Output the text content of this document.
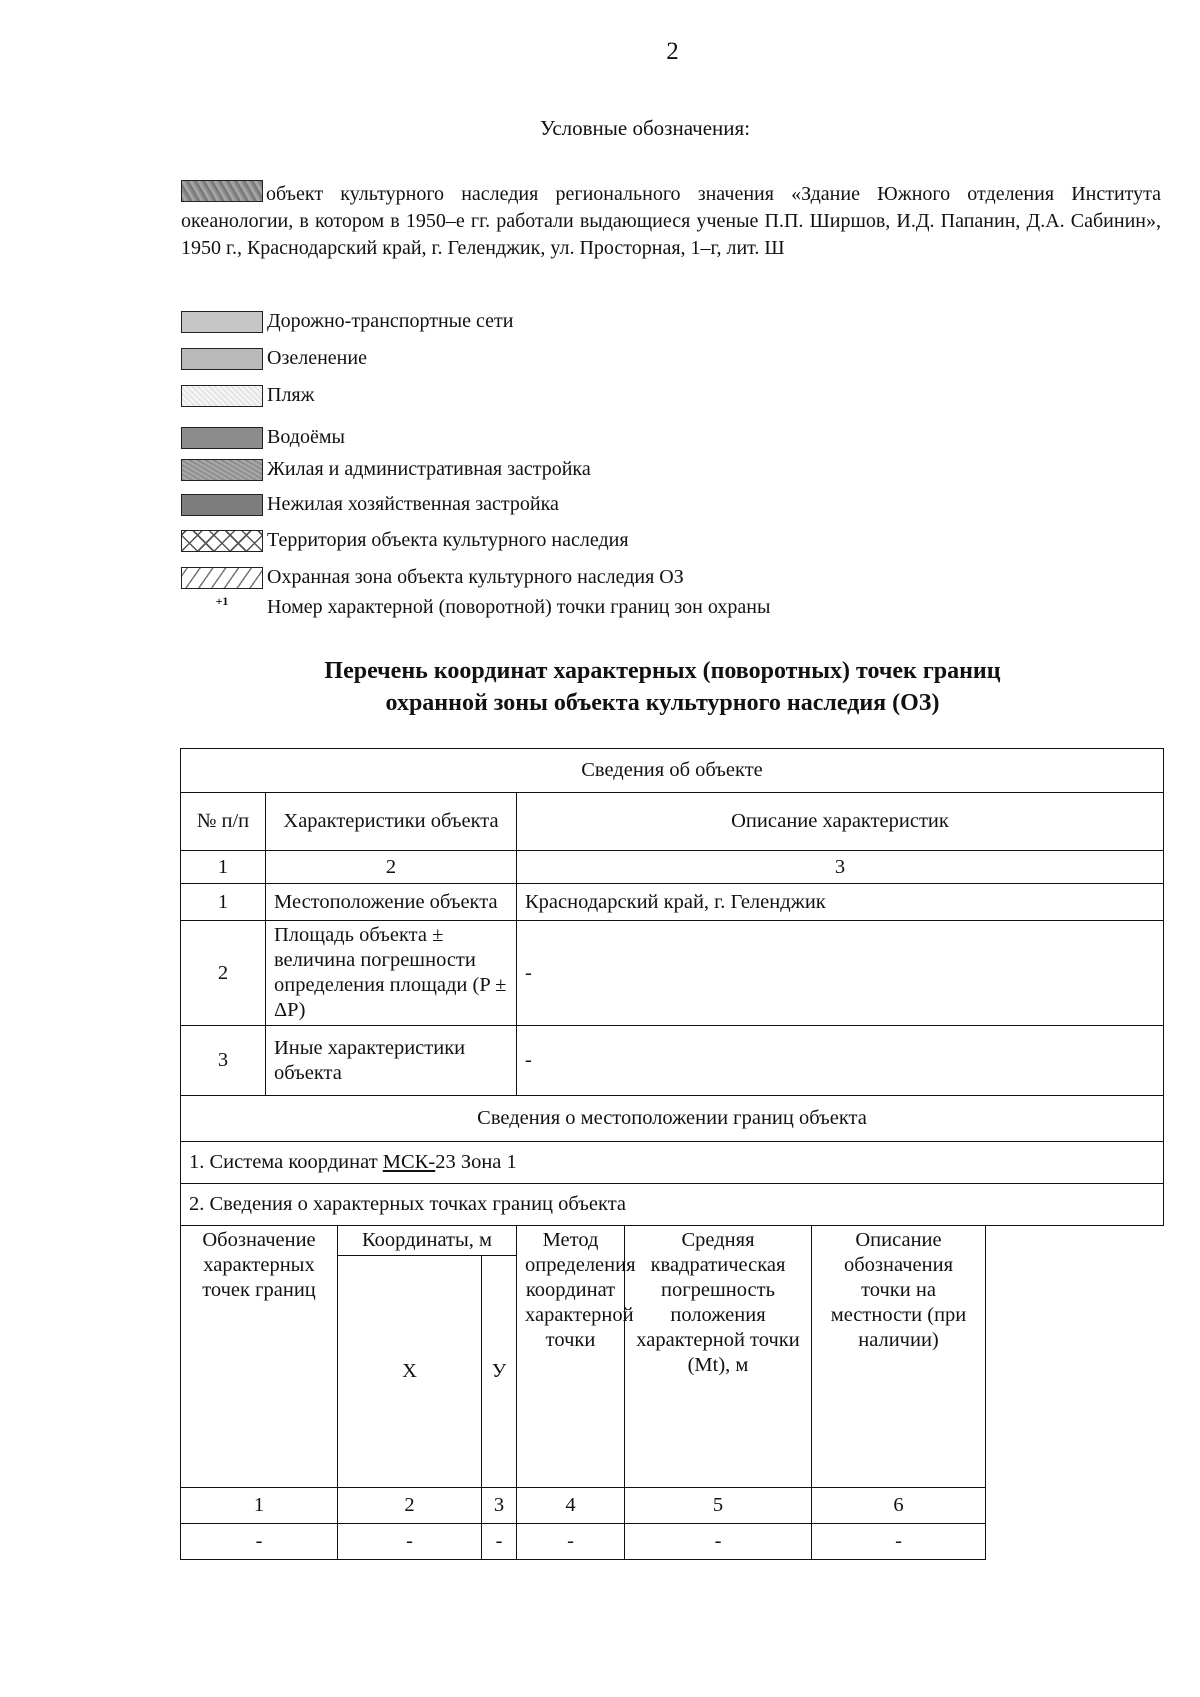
2
Условные обозначения:
объект культурного наследия регионального значения «Здание Южного отделения Института океанологии, в котором в 1950–е гг. работали выдающиеся ученые П.П. Ширшов, И.Д. Папанин, Д.А. Сабинин», 1950 г., Краснодарский край, г. Геленджик, ул. Просторная, 1–г, лит. Ш
Дорожно-транспортные сети
Озеленение
Пляж
Водоёмы
Жилая и административная застройка
Нежилая хозяйственная застройка
Территория объекта культурного наследия
Охранная зона объекта культурного наследия ОЗ
+1	Номер характерной (поворотной) точки границ зон охраны
Перечень координат характерных (поворотных) точек границ
охранной зоны объекта культурного наследия (ОЗ)
Сведения об объекте						
№ п/п	Характеристики объекта			Описание характеристик		
1	2			3		
1	Местоположение объекта			Краснодарский край, г. Геленджик		
2	Площадь объекта ± величина погрешности определения площади (P ± ΔP)			-		
3	Иные характеристики объекта			-		
Сведения о местоположении границ объекта						
1. Система координат МСК-23 Зона 1						
2. Сведения о характерных точках границ объекта						
Обозначение характерных точек границ		Координаты, м		Метод определения координат характерной точки	Средняя квадратическая погрешность положения характерной точки (Mt), м	Описание обозначения точки на местности (при наличии)
		X	У			
1		2	3	4	5	6
-		-	-	-	-	-
